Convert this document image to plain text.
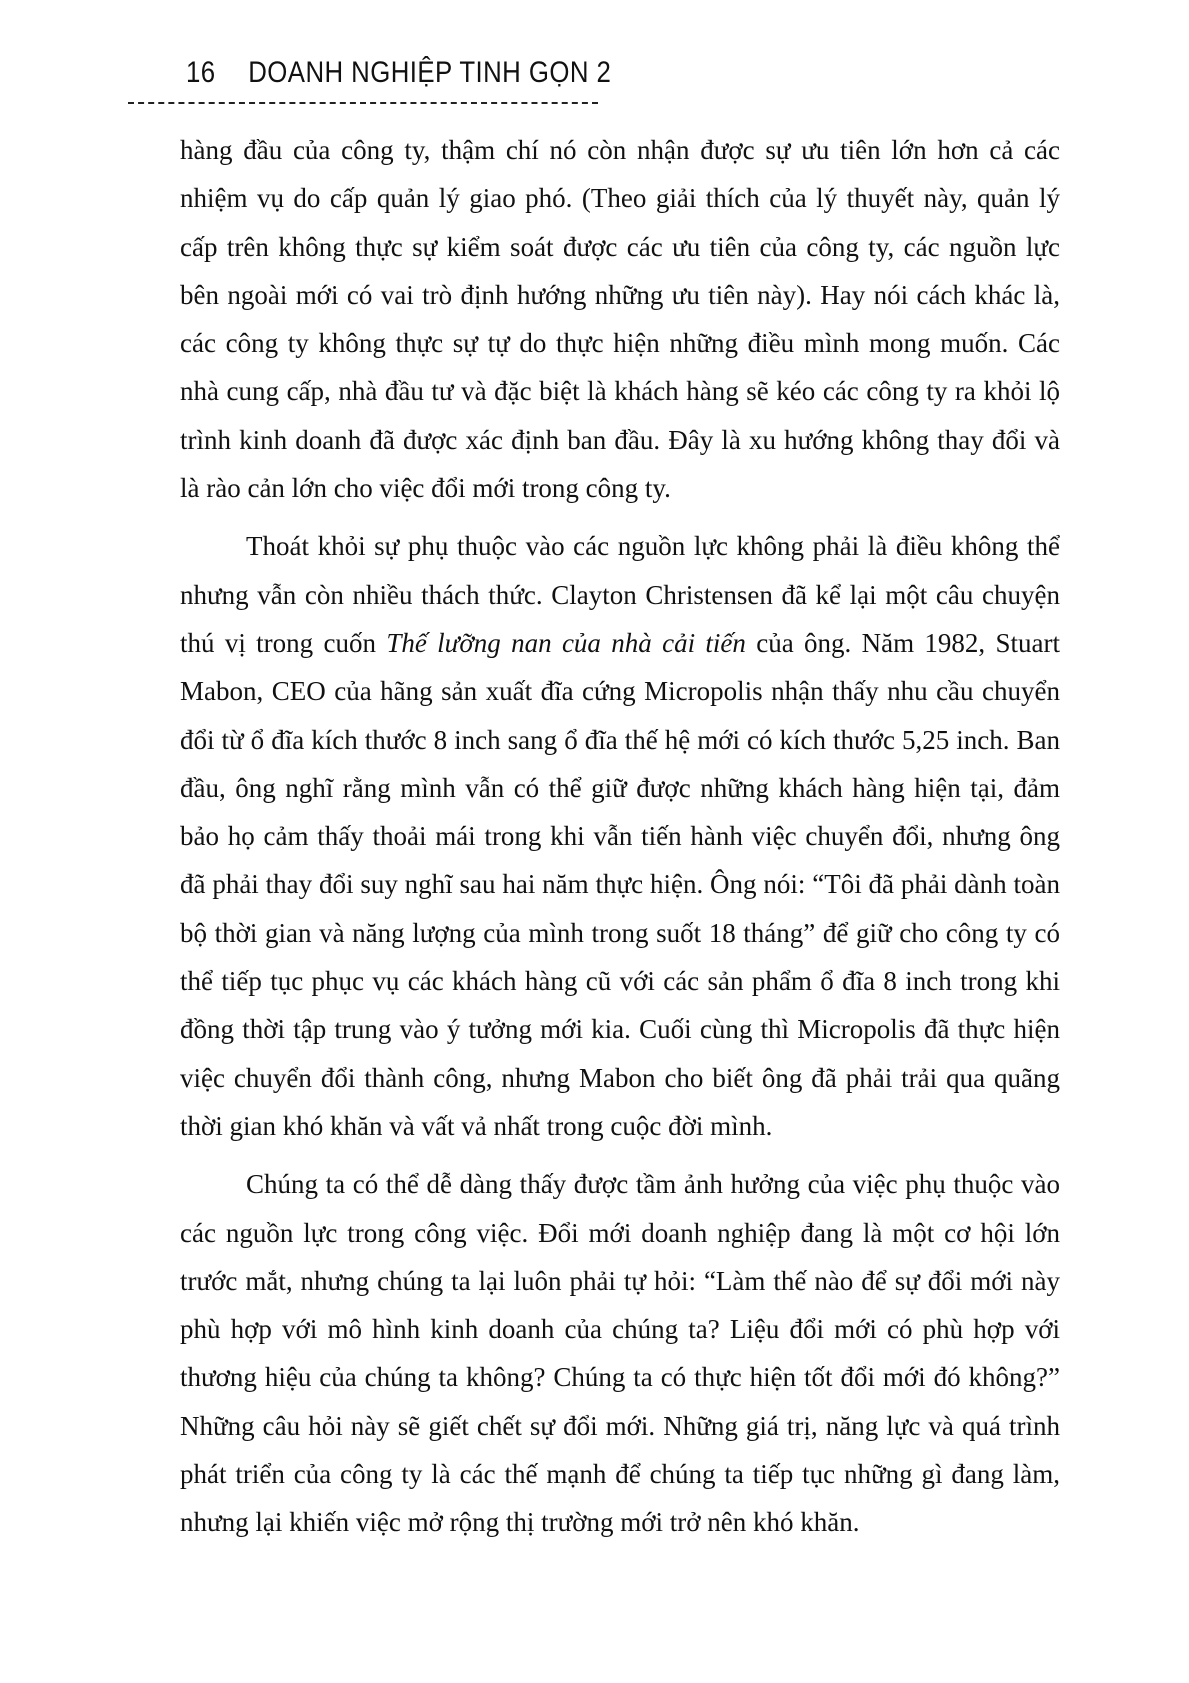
16 DOANH NGHIỆP TINH GỌN 2

hàng đầu của công ty, thậm chí nó còn nhận được sự ưu tiên lớn hơn cả các nhiệm vụ do cấp quản lý giao phó. (Theo giải thích của lý thuyết này, quản lý cấp trên không thực sự kiểm soát được các ưu tiên của công ty, các nguồn lực bên ngoài mới có vai trò định hướng những ưu tiên này). Hay nói cách khác là, các công ty không thực sự tự do thực hiện những điều mình mong muốn. Các nhà cung cấp, nhà đầu tư và đặc biệt là khách hàng sẽ kéo các công ty ra khỏi lộ trình kinh doanh đã được xác định ban đầu. Đây là xu hướng không thay đổi và là rào cản lớn cho việc đổi mới trong công ty.

Thoát khỏi sự phụ thuộc vào các nguồn lực không phải là điều không thể nhưng vẫn còn nhiều thách thức. Clayton Christensen đã kể lại một câu chuyện thú vị trong cuốn Thế lưỡng nan của nhà cải tiến của ông. Năm 1982, Stuart Mabon, CEO của hãng sản xuất đĩa cứng Micropolis nhận thấy nhu cầu chuyển đổi từ ổ đĩa kích thước 8 inch sang ổ đĩa thế hệ mới có kích thước 5,25 inch. Ban đầu, ông nghĩ rằng mình vẫn có thể giữ được những khách hàng hiện tại, đảm bảo họ cảm thấy thoải mái trong khi vẫn tiến hành việc chuyển đổi, nhưng ông đã phải thay đổi suy nghĩ sau hai năm thực hiện. Ông nói: “Tôi đã phải dành toàn bộ thời gian và năng lượng của mình trong suốt 18 tháng” để giữ cho công ty có thể tiếp tục phục vụ các khách hàng cũ với các sản phẩm ổ đĩa 8 inch trong khi đồng thời tập trung vào ý tưởng mới kia. Cuối cùng thì Micropolis đã thực hiện việc chuyển đổi thành công, nhưng Mabon cho biết ông đã phải trải qua quãng thời gian khó khăn và vất vả nhất trong cuộc đời mình.

Chúng ta có thể dễ dàng thấy được tầm ảnh hưởng của việc phụ thuộc vào các nguồn lực trong công việc. Đổi mới doanh nghiệp đang là một cơ hội lớn trước mắt, nhưng chúng ta lại luôn phải tự hỏi: “Làm thế nào để sự đổi mới này phù hợp với mô hình kinh doanh của chúng ta? Liệu đổi mới có phù hợp với thương hiệu của chúng ta không? Chúng ta có thực hiện tốt đổi mới đó không?” Những câu hỏi này sẽ giết chết sự đổi mới. Những giá trị, năng lực và quá trình phát triển của công ty là các thế mạnh để chúng ta tiếp tục những gì đang làm, nhưng lại khiến việc mở rộng thị trường mới trở nên khó khăn.
